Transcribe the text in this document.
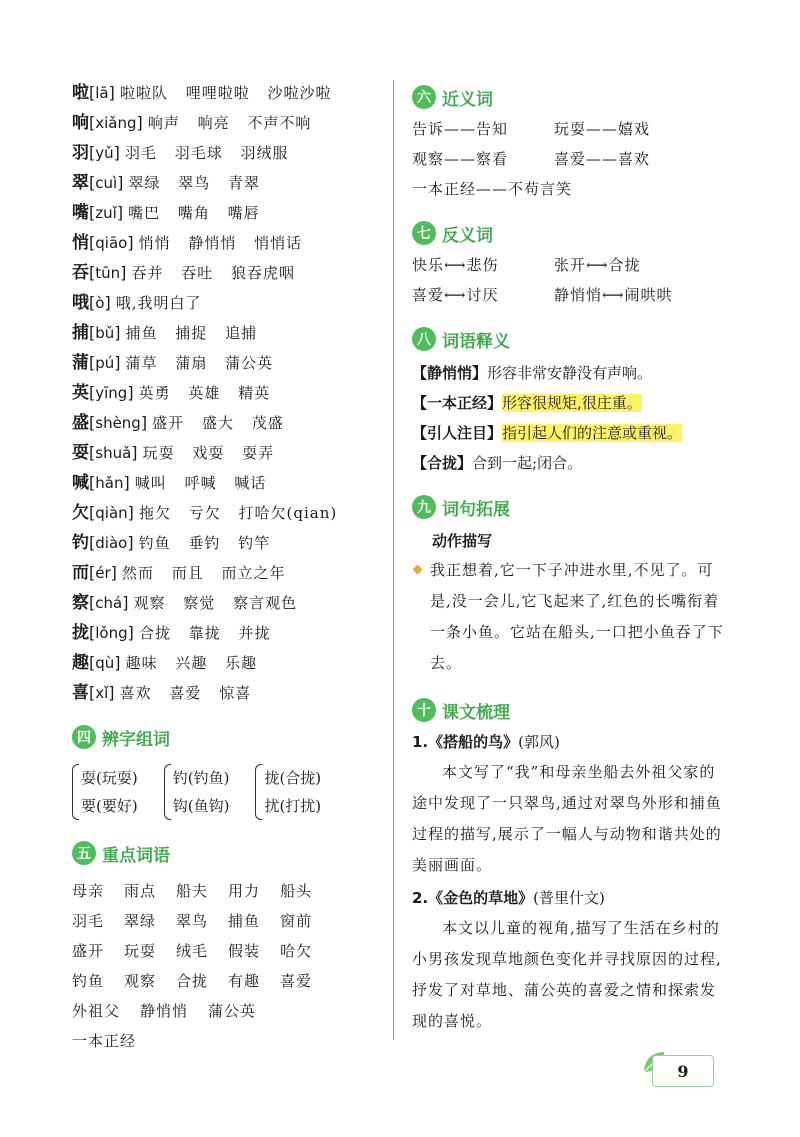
啦[lā] 啦啦队 哩哩啦啦 沙啦沙啦
响[xiǎng] 响声 响亮 不声不响
羽[yǔ] 羽毛 羽毛球 羽绒服
翠[cuì] 翠绿 翠鸟 青翠
嘴[zuǐ] 嘴巴 嘴角 嘴唇
悄[qiāo] 悄悄 静悄悄 悄悄话
吞[tūn] 吞并 吞吐 狼吞虎咽
哦[ò] 哦,我明白了
捕[bǔ] 捕鱼 捕捉 追捕
蒲[pú] 蒲草 蒲扇 蒲公英
英[yīng] 英勇 英雄 精英
盛[shèng] 盛开 盛大 茂盛
耍[shuǎ] 玩耍 戏耍 耍弄
喊[hǎn] 喊叫 呼喊 喊话
欠[qiàn] 拖欠 亏欠 打哈欠(qian)
钓[diào] 钓鱼 垂钓 钓竿
而[ér] 然而 而且 而立之年
察[chá] 观察 察觉 察言观色
拢[lǒng] 合拢 靠拢 并拢
趣[qù] 趣味 兴趣 乐趣
喜[xǐ] 喜欢 喜爱 惊喜
四 辨字组词
耍(玩耍)
要(要好)
钓(钓鱼)
钩(鱼钩)
拢(合拢)
扰(打扰)
五 重点词语
母亲 雨点 船夫 用力 船头
羽毛 翠绿 翠鸟 捕鱼 窗前
盛开 玩耍 绒毛 假装 哈欠
钓鱼 观察 合拢 有趣 喜爱
外祖父 静悄悄 蒲公英
一本正经
六 近义词
告诉——告知	玩耍——嬉戏
观察——察看	喜爱——喜欢
一本正经——不苟言笑
七 反义词
快乐⟷悲伤	张开⟷合拢
喜爱⟷讨厌	静悄悄⟷闹哄哄
八 词语释义
【静悄悄】形容非常安静没有声响。
【一本正经】形容很规矩,很庄重。
【引人注目】指引起人们的注意或重视。
【合拢】合到一起;闭合。
九 词句拓展
动作描写
我正想着,它一下子冲进水里,不见了。可是,没一会儿,它飞起来了,红色的长嘴衔着一条小鱼。它站在船头,一口把小鱼吞了下去。
十 课文梳理
1.《搭船的鸟》(郭风)
本文写了“我”和母亲坐船去外祖父家的途中发现了一只翠鸟,通过对翠鸟外形和捕鱼过程的描写,展示了一幅人与动物和谐共处的美丽画面。
2.《金色的草地》(普里什文)
本文以儿童的视角,描写了生活在乡村的小男孩发现草地颜色变化并寻找原因的过程,抒发了对草地、蒲公英的喜爱之情和探索发现的喜悦。
9
